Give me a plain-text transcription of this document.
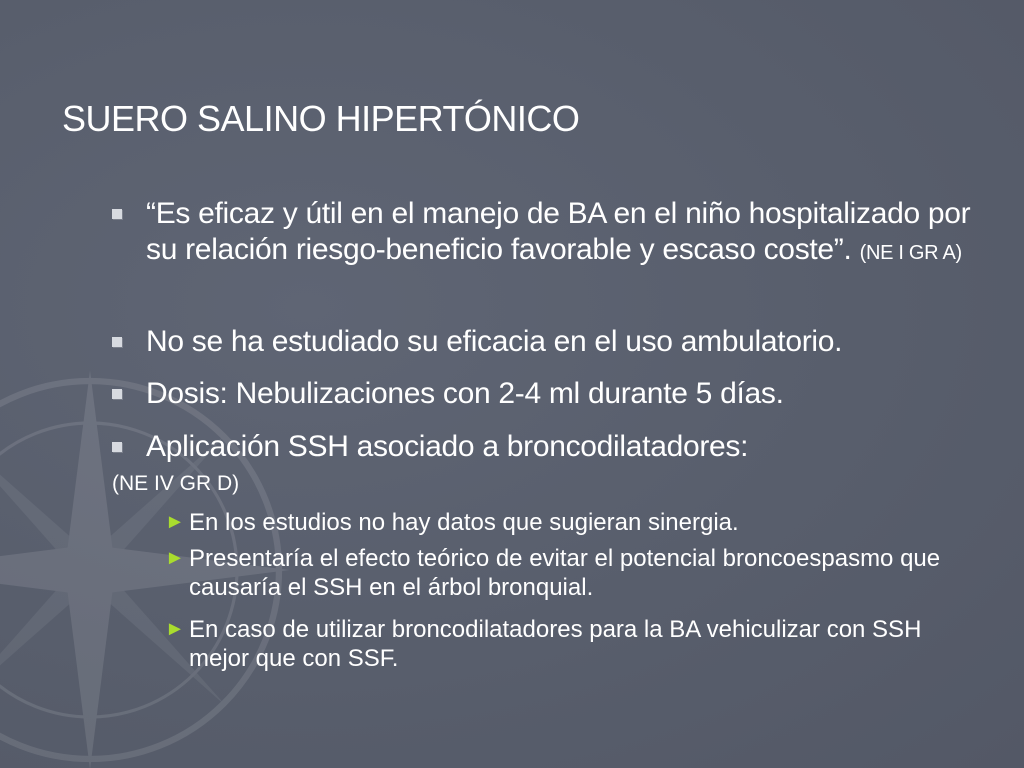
SUERO SALINO HIPERTÓNICO
“Es eficaz y útil en el manejo de BA en el niño hospitalizado por su relación riesgo-beneficio favorable y escaso coste”. (NE I GR A)
No se ha estudiado su eficacia en el uso ambulatorio.
Dosis: Nebulizaciones con 2-4 ml durante 5 días.
Aplicación SSH asociado a broncodilatadores:
(NE IV GR D)
► En los estudios no hay datos que sugieran sinergia.
► Presentaría el efecto teórico de evitar el potencial broncoespasmo que causaría el SSH en el árbol bronquial.
► En caso de utilizar broncodilatadores para la BA vehiculizar con SSH mejor que con SSF.
